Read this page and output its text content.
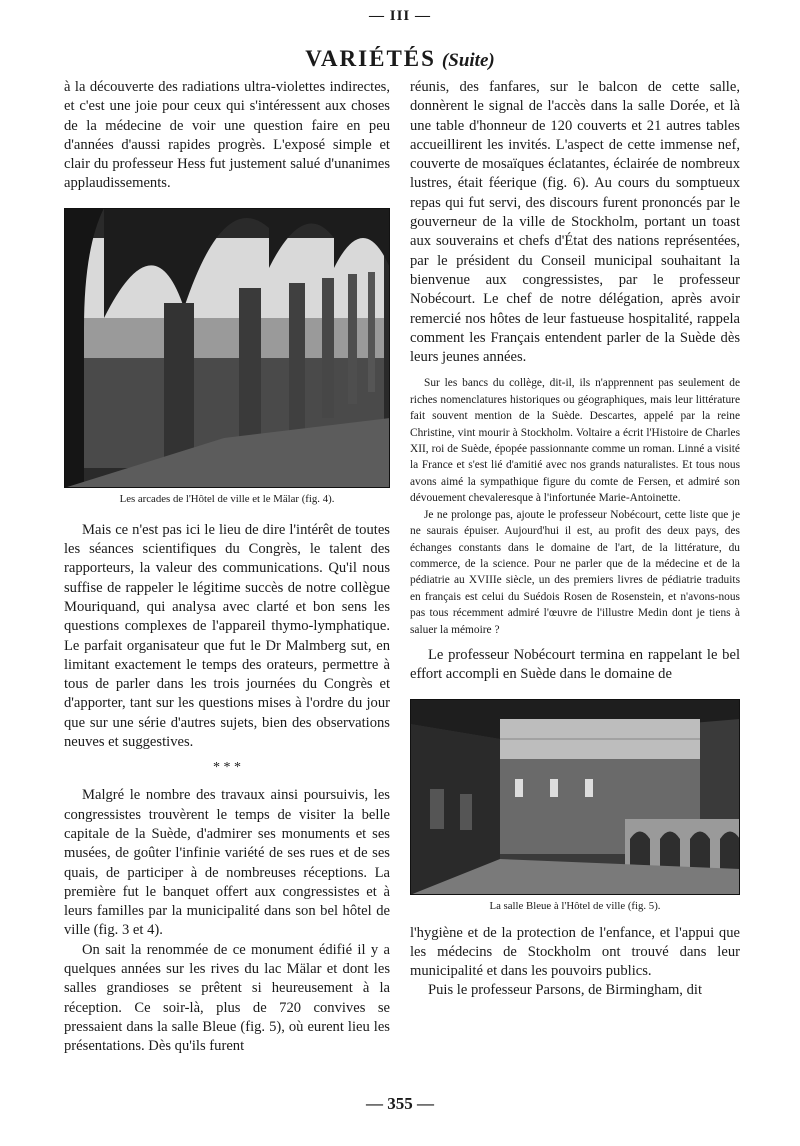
— III —
VARIÉTÉS (Suite)

à la découverte des radiations ultra-violettes indirectes, et c'est une joie pour ceux qui s'intéressent aux choses de la médecine de voir une question faire en peu d'années d'aussi rapides progrès. L'exposé simple et clair du professeur Hess fut justement salué d'unanimes applaudissements.

Les arcades de l'Hôtel de ville et le Mälar (fig. 4).

Mais ce n'est pas ici le lieu de dire l'intérêt de toutes les séances scientifiques du Congrès, le talent des rapporteurs, la valeur des communications. Qu'il nous suffise de rappeler le légitime succès de notre collègue Mouriquand, qui analysa avec clarté et bon sens les questions complexes de l'appareil thymo-lymphatique. Le parfait organisateur que fut le Dr Malmberg sut, en limitant exactement le temps des orateurs, permettre à tous de parler dans les trois journées du Congrès et d'apporter, tant sur les questions mises à l'ordre du jour que sur une série d'autres sujets, bien des observations neuves et suggestives.

* * *

Malgré le nombre des travaux ainsi poursuivis, les congressistes trouvèrent le temps de visiter la belle capitale de la Suède, d'admirer ses monuments et ses musées, de goûter l'infinie variété de ses rues et de ses quais, de participer à de nombreuses réceptions. La première fut le banquet offert aux congressistes et à leurs familles par la municipalité dans son bel hôtel de ville (fig. 3 et 4).

On sait la renommée de ce monument édifié il y a quelques années sur les rives du lac Mälar et dont les salles grandioses se prêtent si heureusement à la réception. Ce soir-là, plus de 720 convives se pressaient dans la salle Bleue (fig. 5), où eurent lieu les présentations. Dès qu'ils furent

réunis, des fanfares, sur le balcon de cette salle, donnèrent le signal de l'accès dans la salle Dorée, et là une table d'honneur de 120 couverts et 21 autres tables accueillirent les invités. L'aspect de cette immense nef, couverte de mosaïques éclatantes, éclairée de nombreux lustres, était féerique (fig. 6). Au cours du somptueux repas qui fut servi, des discours furent prononcés par le gouverneur de la ville de Stockholm, portant un toast aux souverains et chefs d'État des nations représentées, par le président du Conseil municipal souhaitant la bienvenue aux congressistes, par le professeur Nobécourt. Le chef de notre délégation, après avoir remercié nos hôtes de leur fastueuse hospitalité, rappela comment les Français entendent parler de la Suède dès leurs jeunes années.

Sur les bancs du collège, dit-il, ils n'apprennent pas seulement de riches nomenclatures historiques ou géographiques, mais leur littérature fait souvent mention de la Suède. Descartes, appelé par la reine Christine, vint mourir à Stockholm. Voltaire a écrit l'Histoire de Charles XII, roi de Suède, épopée passionnante comme un roman. Linné a visité la France et s'est lié d'amitié avec nos grands naturalistes. Et tous nous avons aimé la sympathique figure du comte de Fersen, et admiré son dévouement chevaleresque à l'infortunée Marie-Antoinette.

Je ne prolonge pas, ajoute le professeur Nobécourt, cette liste que je ne saurais épuiser. Aujourd'hui il est, au profit des deux pays, des échanges constants dans le domaine de l'art, de la littérature, du commerce, de la science. Pour ne parler que de la médecine et de la pédiatrie au XVIIIe siècle, un des premiers livres de pédiatrie traduits en français est celui du Suédois Rosen de Rosenstein, et n'avons-nous pas tous récemment admiré l'œuvre de l'illustre Medin dont je tiens à saluer la mémoire ?

Le professeur Nobécourt termina en rappelant le bel effort accompli en Suède dans le domaine de

La salle Bleue à l'Hôtel de ville (fig. 5).

l'hygiène et de la protection de l'enfance, et l'appui que les médecins de Stockholm ont trouvé dans leur municipalité et dans les pouvoirs publics.

Puis le professeur Parsons, de Birmingham, dit

— 355 —
